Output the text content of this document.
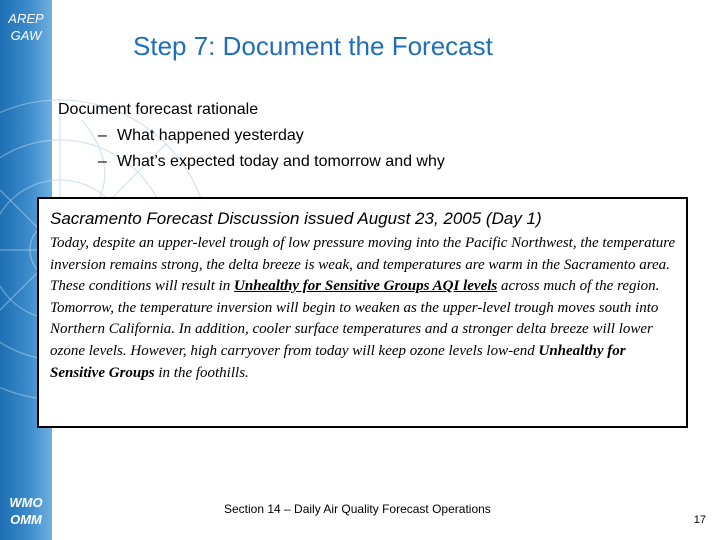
AREP
GAW
WMO
OMM
Step 7: Document the Forecast
Document forecast rationale
– What happened yesterday
– What’s expected today and tomorrow and why
Sacramento Forecast Discussion issued August 23, 2005 (Day 1)
Today, despite an upper-level trough of low pressure moving into the Pacific Northwest, the temperature inversion remains strong, the delta breeze is weak, and temperatures are warm in the Sacramento area. These conditions will result in Unhealthy for Sensitive Groups AQI levels across much of the region. Tomorrow, the temperature inversion will begin to weaken as the upper-level trough moves south into Northern California. In addition, cooler surface temperatures and a stronger delta breeze will lower ozone levels. However, high carryover from today will keep ozone levels low-end Unhealthy for Sensitive Groups in the foothills.
Section 14 – Daily Air Quality Forecast Operations
17
